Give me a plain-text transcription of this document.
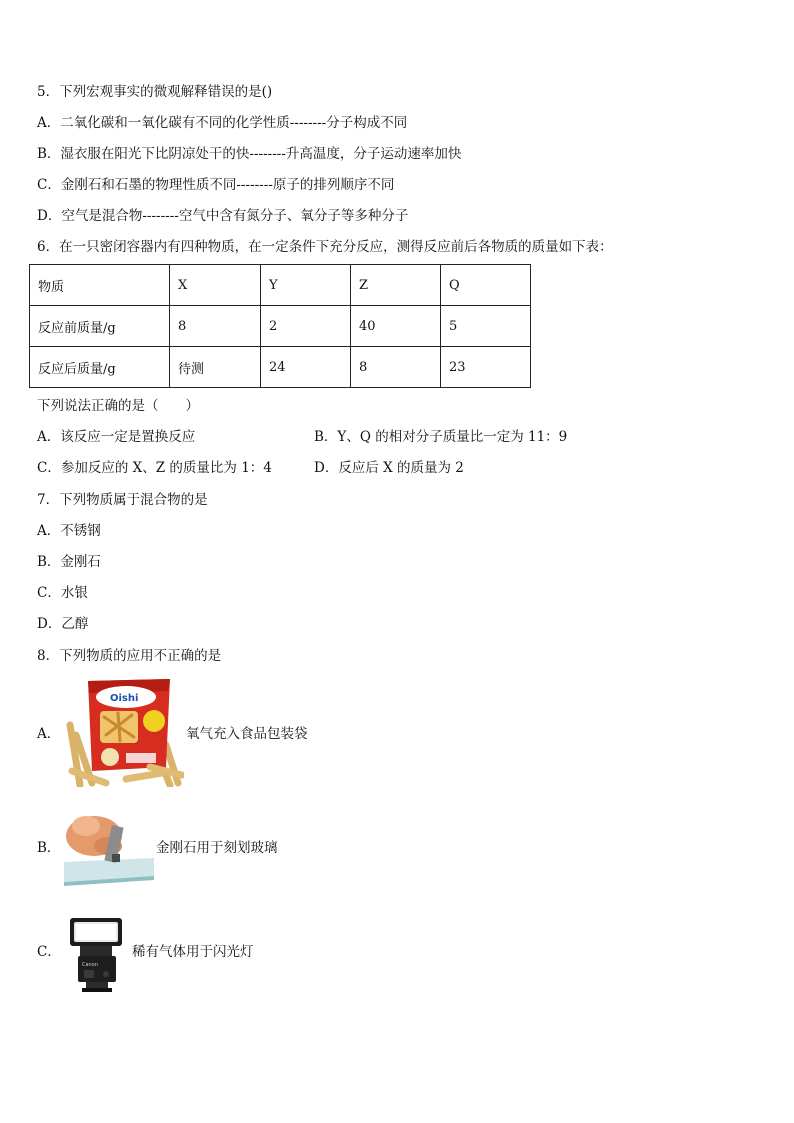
5．下列宏观事实的微观解释错误的是()
A．二氧化碳和一氧化碳有不同的化学性质--------分子构成不同
B．湿衣服在阳光下比阴凉处干的快--------升高温度，分子运动速率加快
C．金刚石和石墨的物理性质不同--------原子的排列顺序不同
D．空气是混合物--------空气中含有氮分子、氧分子等多种分子
6．在一只密闭容器内有四种物质，在一定条件下充分反应，测得反应前后各物质的质量如下表：
物质	X	Y	Z	Q
反应前质量/g	8	2	40	5
反应后质量/g	待测	24	8	23
下列说法正确的是（　　）
A．该反应一定是置换反应	B．Y、Q 的相对分子质量比一定为 11：9
C．参加反应的 X、Z 的质量比为 1：4	D．反应后 X 的质量为 2
7．下列物质属于混合物的是
A．不锈钢
B．金刚石
C．水银
D．乙醇
8．下列物质的应用不正确的是
A．
Oishi
氧气充入食品包装袋
B．	金刚石用于刻划玻璃
C．
Canon
稀有气体用于闪光灯
